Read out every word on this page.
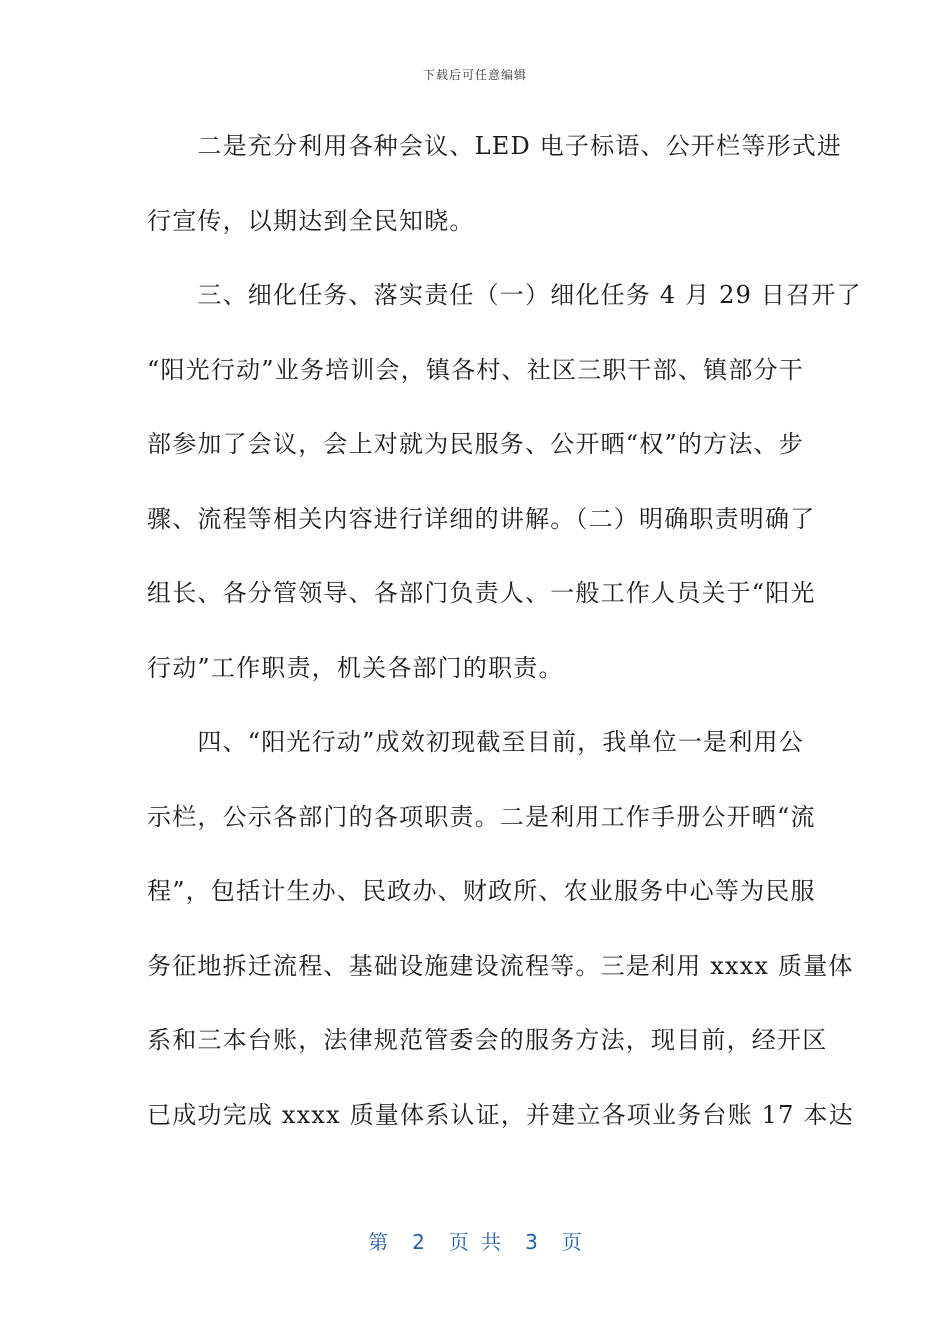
下载后可任意编辑
　　二是充分利用各种会议、LED 电子标语、公开栏等形式进
行宣传，以期达到全民知晓。
　　三、细化任务、落实责任（一）细化任务 4 月 29 日召开了
“阳光行动”业务培训会，镇各村、社区三职干部、镇部分干
部参加了会议，会上对就为民服务、公开晒“权”的方法、步
骤、流程等相关内容进行详细的讲解。（二）明确职责明确了
组长、各分管领导、各部门负责人、一般工作人员关于“阳光
行动”工作职责，机关各部门的职责。
　　四、“阳光行动”成效初现截至目前，我单位一是利用公
示栏，公示各部门的各项职责。二是利用工作手册公开晒“流
程”，包括计生办、民政办、财政所、农业服务中心等为民服
务征地拆迁流程、基础设施建设流程等。三是利用 xxxx 质量体
系和三本台账，法律规范管委会的服务方法，现目前，经开区
已成功完成 xxxx 质量体系认证，并建立各项业务台账 17 本达
第 2 页 共 3 页
